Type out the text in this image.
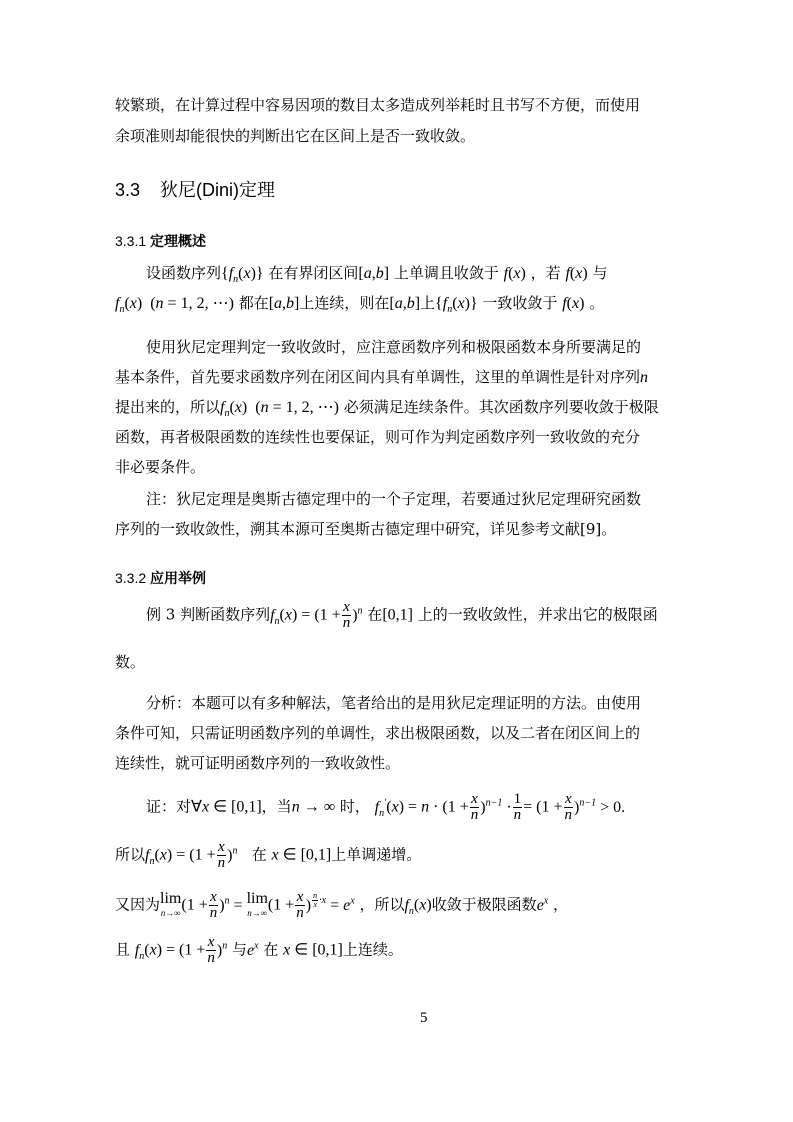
较繁琐，在计算过程中容易因项的数目太多造成列举耗时且书写不方便，而使用
余项准则却能很快的判断出它在区间上是否一致收敛。
3.3 狄尼(Dini)定理
3.3.1 定理概述
设函数序列$\{f_n(x)\}$ 在有界闭区间[a,b] 上单调且收敛于 f(x) ，若 f(x) 与
$f_n(x) (n = 1$, 2, ⋯) 都在[a,b]上连续，则在[a,b]上$\{f_n(x)\}$ 一致收敛于 f(x) 。
使用狄尼定理判定一致收敛时，应注意函数序列和极限函数本身所要满足的
基本条件，首先要求函数序列在闭区间内具有单调性，这里的单调性是针对序列n
提出来的，所以$f_n(x) (n = 1$, 2, ⋯) 必须满足连续条件。其次函数序列要收敛于极限
函数，再者极限函数的连续性也要保证，则可作为判定函数序列一致收敛的充分
非必要条件。
注：狄尼定理是奥斯古德定理中的一个子定理，若要通过狄尼定理研究函数
序列的一致收敛性，溯其本源可至奥斯古德定理中研究，详见参考文献[9]。
3.3.2 应用举例
例 3 判断函数序列$f_n(x) = (1 + \frac{x}{n} )^n$ 在[0,1] 上的一致收敛性，并求出它的极限函
数。
分析：本题可以有多种解法，笔者给出的是用狄尼定理证明的方法。由使用
条件可知，只需证明函数序列的单调性，求出极限函数，以及二者在闭区间上的
连续性，就可证明函数序列的一致收敛性。
证：对∀x ∈ [0,1]，当n → ∞ 时， $f_n'(x) = n \cdot (1 + \frac{x}{n} )^{n-1} \cdot \frac{1}{n} = (1 + \frac{x}{n} )^{n-1} > 0$.
所以$f_n(x) = (1 + \frac{x}{n} )^n$ 在 x ∈ [0,1]上单调递增。
又因为 lim
n→∞ $(1 + \frac{x}{n} )^n = \lim$
n→∞ ($1 + \frac{x}{n}$ ) $^{\frac{n}{x} \cdot x} = e^x$ ，所以$f_n(x)$收敛于极限函数$e^x$ ，
且 $f_n(x) = (1 + \frac{x}{n} )^n$ 与$e^x$ 在 x ∈ [0,1]上连续。
5
